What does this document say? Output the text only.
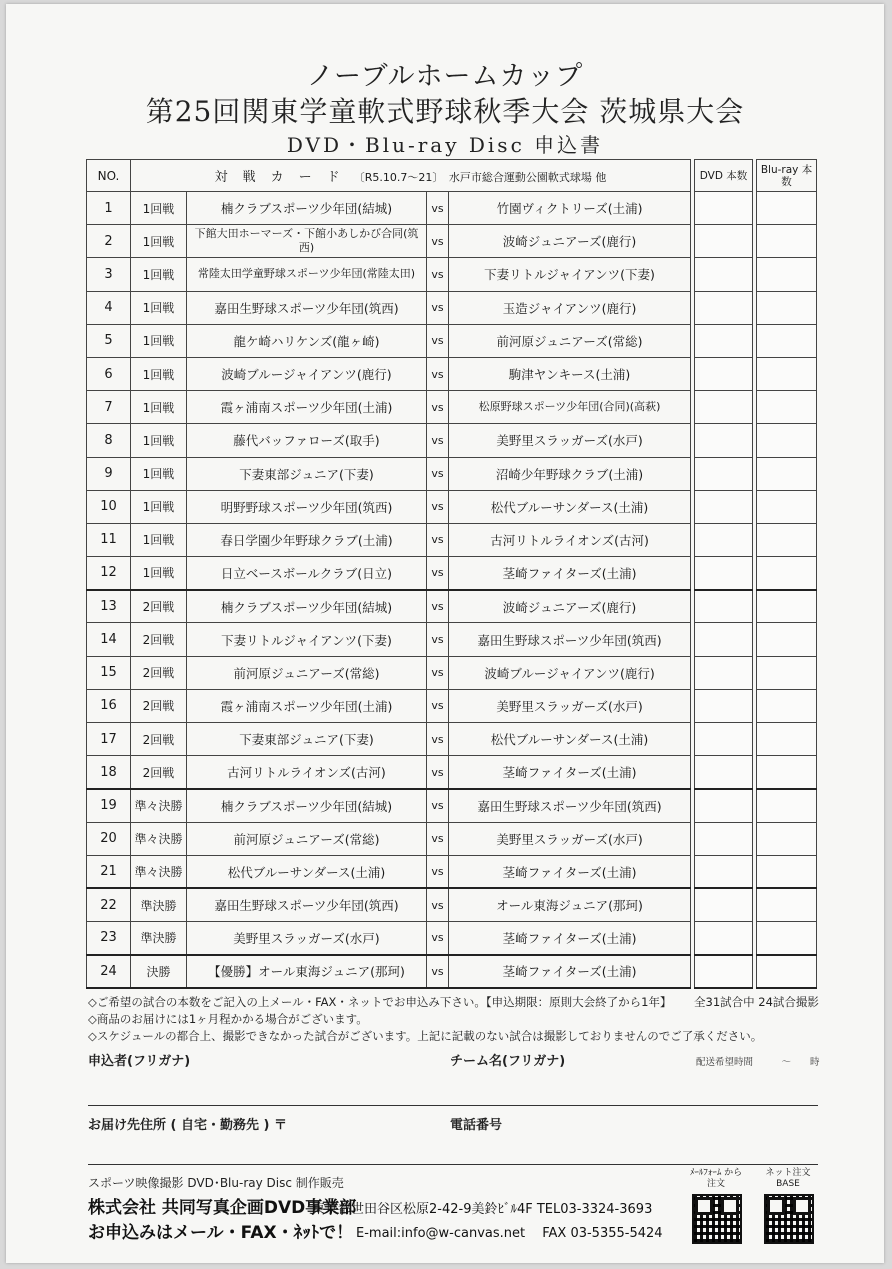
ノーブルホームカップ
第25回関東学童軟式野球秋季大会 茨城県大会
DVD・Blu-ray Disc 申込書
NO.	対　戦　カ　ー　ド 〔R5.10.7〜21〕　水戸市総合運動公園軟式球場 他					DVD 本数		Blu-ray 本数
1	1回戦	楠クラブスポーツ少年団(結城)	vs	竹園ヴィクトリーズ(土浦)				
2	1回戦	下館大田ホーマーズ・下館小あしかび合同(筑西)	vs	波崎ジュニアーズ(鹿行)				
3	1回戦	常陸太田学童野球スポーツ少年団(常陸太田)	vs	下妻リトルジャイアンツ(下妻)				
4	1回戦	嘉田生野球スポーツ少年団(筑西)	vs	玉造ジャイアンツ(鹿行)				
5	1回戦	龍ケ崎ハリケンズ(龍ヶ崎)	vs	前河原ジュニアーズ(常総)				
6	1回戦	波崎ブルージャイアンツ(鹿行)	vs	駒津ヤンキース(土浦)				
7	1回戦	霞ヶ浦南スポーツ少年団(土浦)	vs	松原野球スポーツ少年団(合同)(高萩)				
8	1回戦	藤代バッファローズ(取手)	vs	美野里スラッガーズ(水戸)				
9	1回戦	下妻東部ジュニア(下妻)	vs	沼崎少年野球クラブ(土浦)				
10	1回戦	明野野球スポーツ少年団(筑西)	vs	松代ブルーサンダース(土浦)				
11	1回戦	春日学園少年野球クラブ(土浦)	vs	古河リトルライオンズ(古河)				
12	1回戦	日立ベースボールクラブ(日立)	vs	茎崎ファイターズ(土浦)				
13	2回戦	楠クラブスポーツ少年団(結城)	vs	波崎ジュニアーズ(鹿行)				
14	2回戦	下妻リトルジャイアンツ(下妻)	vs	嘉田生野球スポーツ少年団(筑西)				
15	2回戦	前河原ジュニアーズ(常総)	vs	波崎ブルージャイアンツ(鹿行)				
16	2回戦	霞ヶ浦南スポーツ少年団(土浦)	vs	美野里スラッガーズ(水戸)				
17	2回戦	下妻東部ジュニア(下妻)	vs	松代ブルーサンダース(土浦)				
18	2回戦	古河リトルライオンズ(古河)	vs	茎崎ファイターズ(土浦)				
19	準々決勝	楠クラブスポーツ少年団(結城)	vs	嘉田生野球スポーツ少年団(筑西)				
20	準々決勝	前河原ジュニアーズ(常総)	vs	美野里スラッガーズ(水戸)				
21	準々決勝	松代ブルーサンダース(土浦)	vs	茎崎ファイターズ(土浦)				
22	準決勝	嘉田生野球スポーツ少年団(筑西)	vs	オール東海ジュニア(那珂)				
23	準決勝	美野里スラッガーズ(水戸)	vs	茎崎ファイターズ(土浦)				
24	決勝	【優勝】オール東海ジュニア(那珂)	vs	茎崎ファイターズ(土浦)				
◇ご希望の試合の本数をご記入の上メール・FAX・ネットでお申込み下さい。【申込期限：原則大会終了から1年】 全31試合中 24試合撮影
◇商品のお届けには1ヶ月程かかる場合がございます。
◇スケジュールの都合上、撮影できなかった試合がございます。上記に記載のない試合は撮影しておりませんのでご了承ください。
申込者(フリガナ)	チーム名(フリガナ)	配送希望時間　　　〜　　時
お届け先住所 ( 自宅・勤務先 ) 〒	電話番号
スポーツ映像撮影 DVD･Blu-ray Disc 制作販売
株式会社 共同写真企画DVD事業部
東京都世田谷区松原2-42-9美鈴ﾋﾞﾙ4F TEL03-3324-3693
お申込みはメール・FAX・ﾈｯﾄで！ E-mail:info@w-canvas.net　 FAX 03-5355-5424
ﾒｰﾙﾌｫｰﾑ から注文
ネット注文 BASE
